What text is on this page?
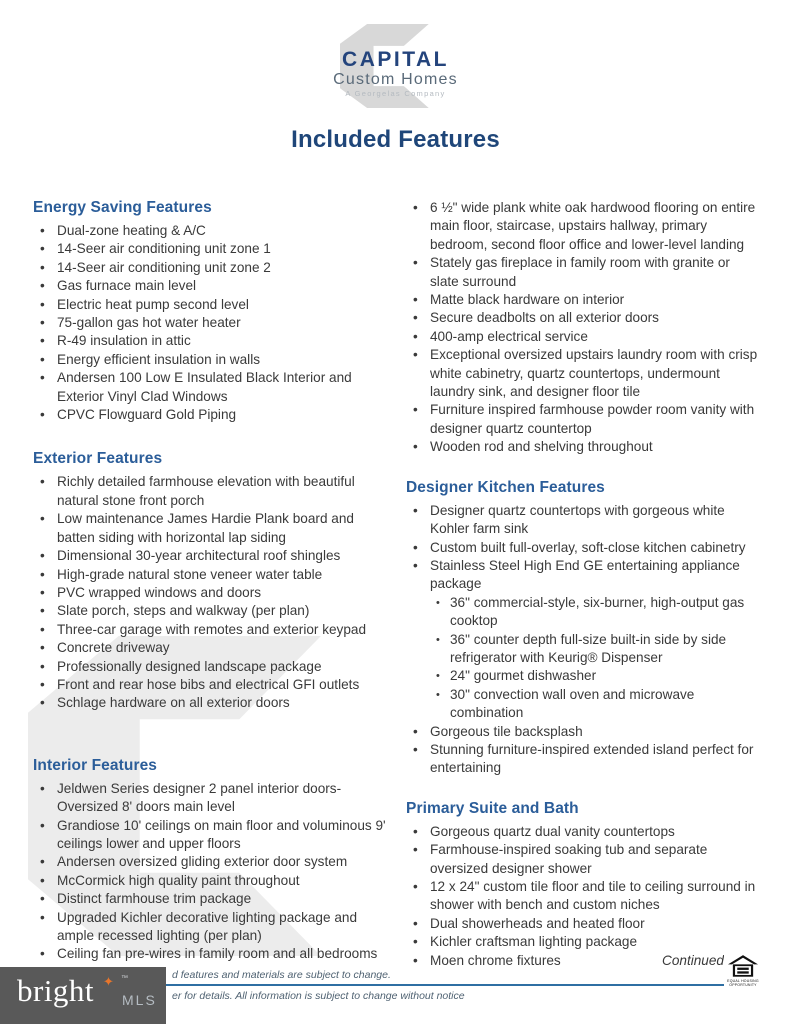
CAPITAL
Custom Homes
A Georgelas Company
Included Features
Energy Saving Features
• Dual-zone heating & A/C
• 14-Seer air conditioning unit zone 1
• 14-Seer air conditioning unit zone 2
• Gas furnace main level
• Electric heat pump second level
• 75-gallon gas hot water heater
• R-49 insulation in attic
• Energy efficient insulation in walls
• Andersen 100 Low E Insulated Black Interior and Exterior Vinyl Clad Windows
• CPVC Flowguard Gold Piping
Exterior Features
• Richly detailed farmhouse elevation with beautiful natural stone front porch
• Low maintenance James Hardie Plank board and batten siding with horizontal lap siding
• Dimensional 30-year architectural roof shingles
• High-grade natural stone veneer water table
• PVC wrapped windows and doors
• Slate porch, steps and walkway (per plan)
• Three-car garage with remotes and exterior keypad
• Concrete driveway
• Professionally designed landscape package
• Front and rear hose bibs and electrical GFI outlets
• Schlage hardware on all exterior doors
Interior Features
• Jeldwen Series designer 2 panel interior doors- Oversized 8' doors main level
• Grandiose 10' ceilings on main floor and voluminous 9' ceilings lower and upper floors
• Andersen oversized gliding exterior door system
• McCormick high quality paint throughout
• Distinct farmhouse trim package
• Upgraded Kichler decorative lighting package and ample recessed lighting (per plan)
• Ceiling fan pre-wires in family room and all bedrooms
• 6 ½" wide plank white oak hardwood flooring on entire main floor, staircase, upstairs hallway, primary bedroom, second floor office and lower-level landing
• Stately gas fireplace in family room with granite or slate surround
• Matte black hardware on interior
• Secure deadbolts on all exterior doors
• 400-amp electrical service
• Exceptional oversized upstairs laundry room with crisp white cabinetry, quartz countertops, undermount laundry sink, and designer floor tile
• Furniture inspired farmhouse powder room vanity with designer quartz countertop
• Wooden rod and shelving throughout
Designer Kitchen Features
• Designer quartz countertops with gorgeous white Kohler farm sink
• Custom built full-overlay, soft-close kitchen cabinetry
• Stainless Steel High End GE entertaining appliance package
• 36" commercial-style, six-burner, high-output gas cooktop
• 36" counter depth full-size built-in side by side refrigerator with Keurig® Dispenser
• 24" gourmet dishwasher
• 30" convection wall oven and microwave combination
• Gorgeous tile backsplash
• Stunning furniture-inspired extended island perfect for entertaining
Primary Suite and Bath
• Gorgeous quartz dual vanity countertops
• Farmhouse-inspired soaking tub and separate oversized designer shower
• 12 x 24" custom tile floor and tile to ceiling surround in shower with bench and custom niches
• Dual showerheads and heated floor
• Kichler craftsman lighting package
• Moen chrome fixtures	Continued
d features and materials are subject to change.
er for details. All information is subject to change without notice
bright ✦ ™
MLS
EQUAL HOUSING
OPPORTUNITY
